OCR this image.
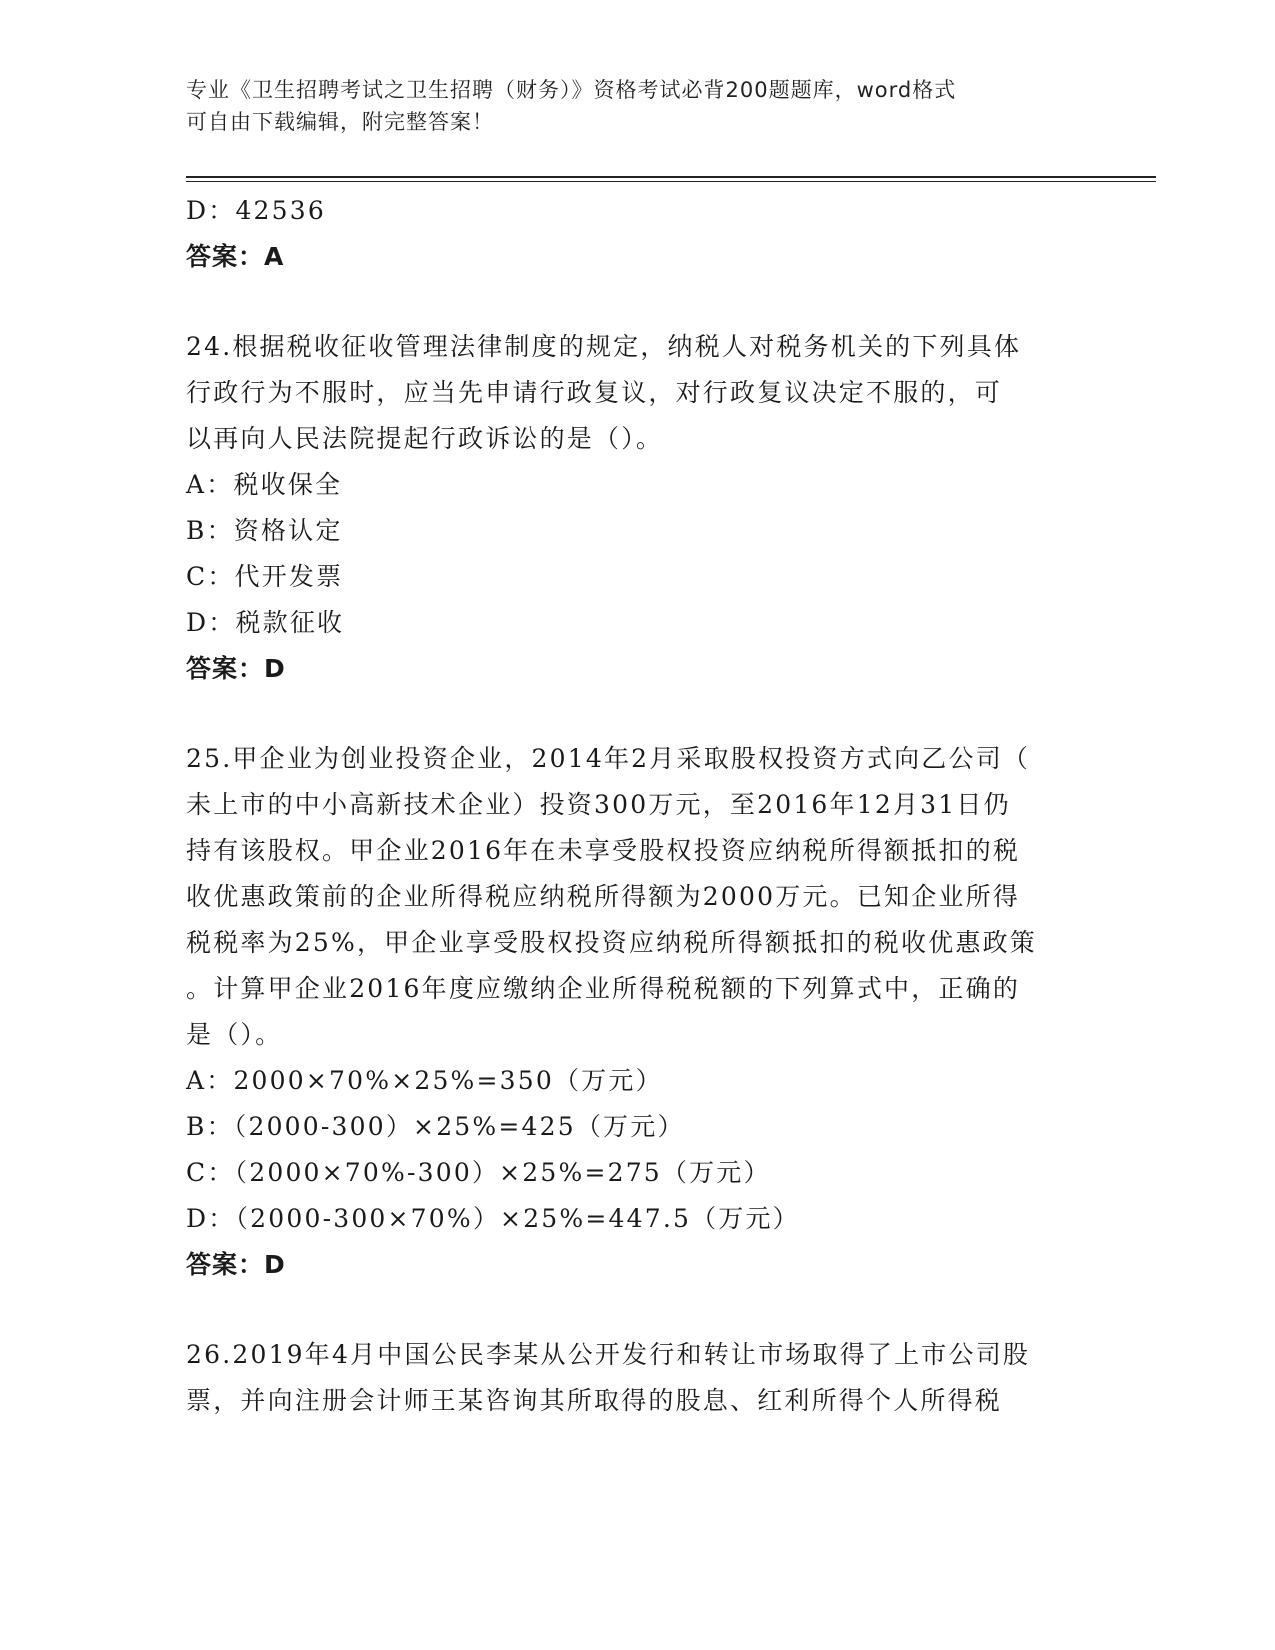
专业《卫生招聘考试之卫生招聘（财务）》资格考试必背200题题库，word格式
可自由下载编辑，附完整答案！
D：42536
答案：A
24.根据税收征收管理法律制度的规定，纳税人对税务机关的下列具体
行政行为不服时，应当先申请行政复议，对行政复议决定不服的，可
以再向人民法院提起行政诉讼的是（）。
A：税收保全
B：资格认定
C：代开发票
D：税款征收
答案：D
25.甲企业为创业投资企业，2014年2月采取股权投资方式向乙公司（
未上市的中小高新技术企业）投资300万元，至2016年12月31日仍
持有该股权。甲企业2016年在未享受股权投资应纳税所得额抵扣的税
收优惠政策前的企业所得税应纳税所得额为2000万元。已知企业所得
税税率为25%，甲企业享受股权投资应纳税所得额抵扣的税收优惠政策
。计算甲企业2016年度应缴纳企业所得税税额的下列算式中，正确的
是（）。
A：2000×70%×25%=350（万元）
B：（2000-300）×25%=425（万元）
C：（2000×70%-300）×25%=275（万元）
D：（2000-300×70%）×25%=447.5（万元）
答案：D
26.2019年4月中国公民李某从公开发行和转让市场取得了上市公司股
票，并向注册会计师王某咨询其所取得的股息、红利所得个人所得税
